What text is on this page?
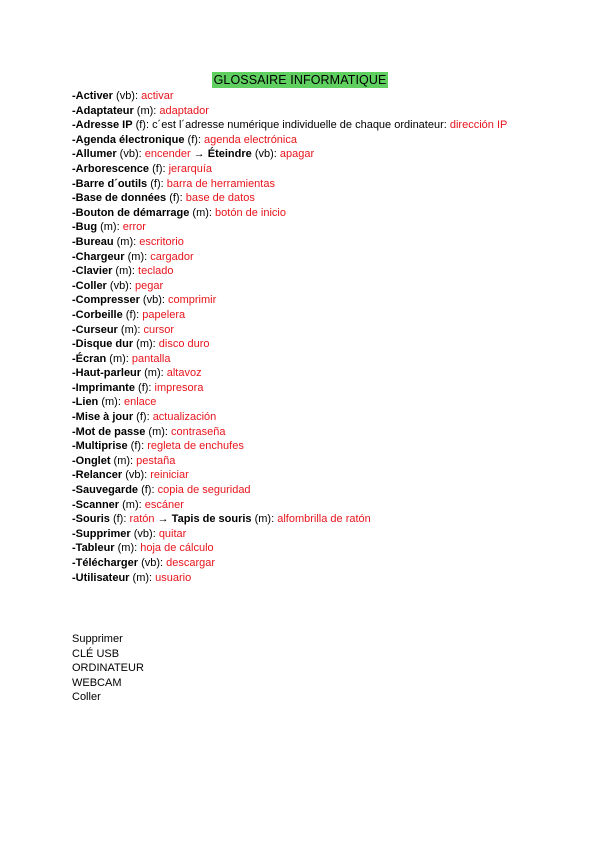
GLOSSAIRE INFORMATIQUE
-Activer (vb): activar
-Adaptateur (m): adaptador
-Adresse IP (f): c´est l´adresse numérique individuelle de chaque ordinateur: dirección IP
-Agenda électronique (f): agenda electrónica
-Allumer (vb): encender → Éteindre (vb): apagar
-Arborescence (f): jerarquía
-Barre d´outils (f): barra de herramientas
-Base de données (f): base de datos
-Bouton de démarrage (m): botón de inicio
-Bug (m): error
-Bureau (m): escritorio
-Chargeur (m): cargador
-Clavier (m): teclado
-Coller (vb): pegar
-Compresser (vb): comprimir
-Corbeille (f): papelera
-Curseur (m): cursor
-Disque dur (m): disco duro
-Écran (m): pantalla
-Haut-parleur (m): altavoz
-Imprimante (f): impresora
-Lien (m): enlace
-Mise à jour (f): actualización
-Mot de passe (m): contraseña
-Multiprise (f): regleta de enchufes
-Onglet (m): pestaña
-Relancer (vb): reiniciar
-Sauvegarde (f): copia de seguridad
-Scanner (m): escáner
-Souris (f): ratón → Tapis de souris (m): alfombrilla de ratón
-Supprimer (vb): quitar
-Tableur (m): hoja de cálculo
-Télécharger (vb): descargar
-Utilisateur (m): usuario
Supprimer
CLÉ USB
ORDINATEUR
WEBCAM
Coller
